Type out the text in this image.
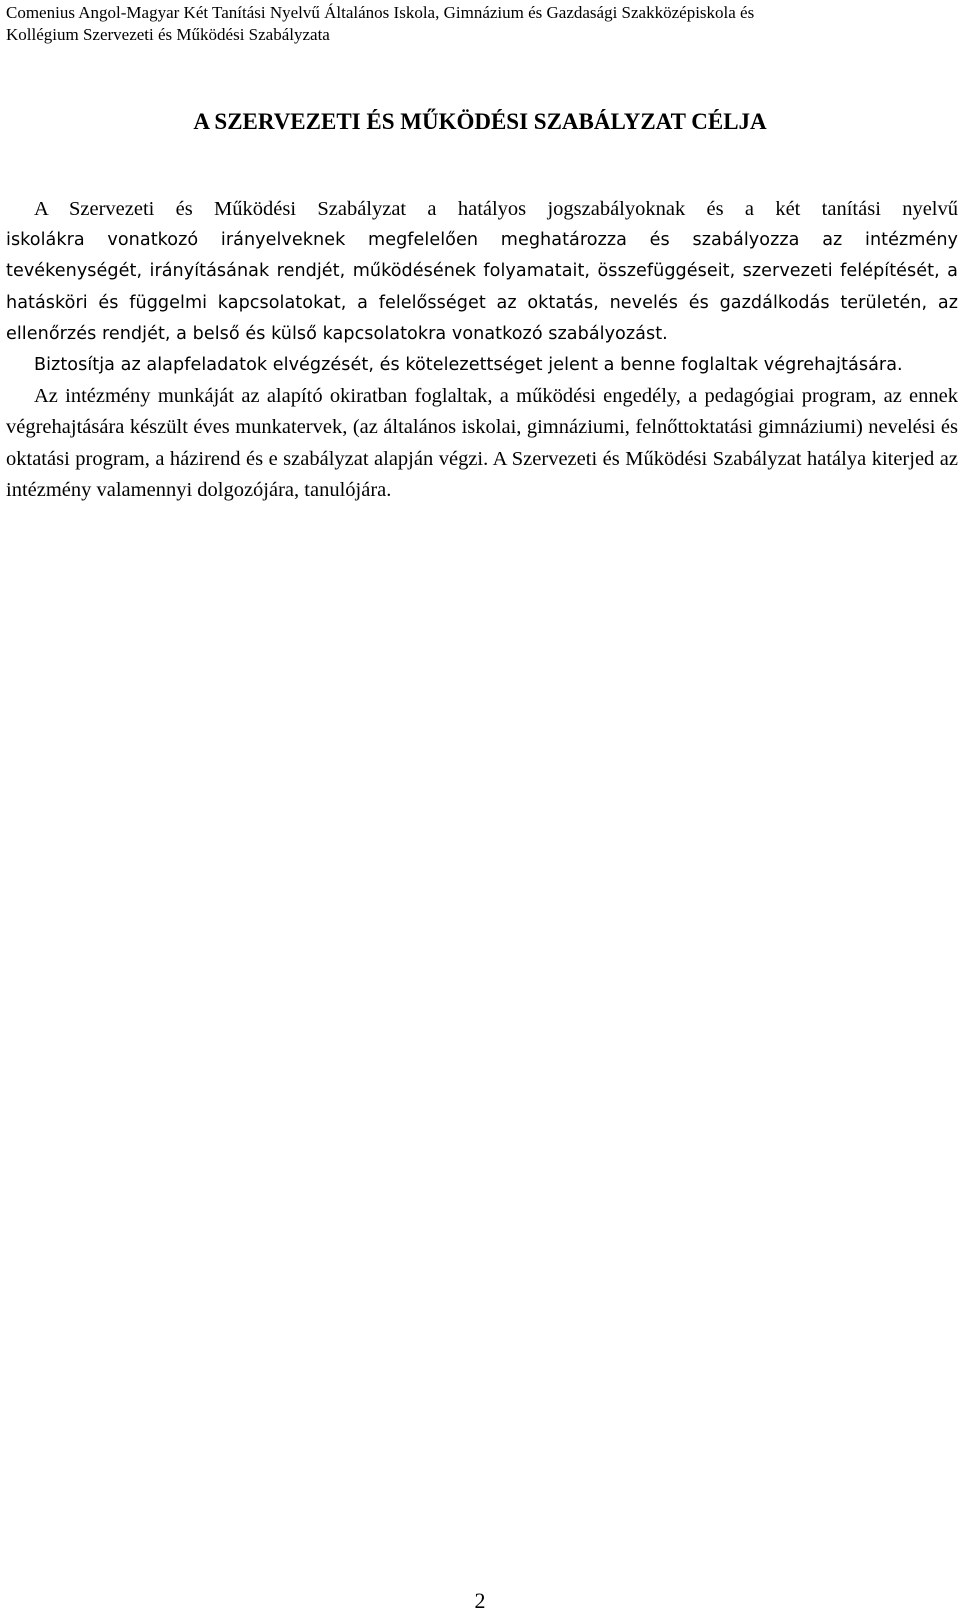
Comenius Angol-Magyar Két Tanítási Nyelvű Általános Iskola, Gimnázium és Gazdasági Szakközépiskola és
Kollégium Szervezeti és Működési Szabályzata
A SZERVEZETI ÉS MŰKÖDÉSI SZABÁLYZAT CÉLJA

A Szervezeti és Működési Szabályzat a hatályos jogszabályoknak és a két tanítási nyelvű

iskolákra vonatkozó irányelveknek megfelelően meghatározza és szabályozza az intézmény tevékenységét, irányításának rendjét, működésének folyamatait, összefüggéseit, szervezeti felépítését, a hatásköri és függelmi kapcsolatokat, a felelősséget az oktatás, nevelés és gazdálkodás területén, az ellenőrzés rendjét, a belső és külső kapcsolatokra vonatkozó szabályozást.

Biztosítja az alapfeladatok elvégzését, és kötelezettséget jelent a benne foglaltak végrehajtására.

Az intézmény munkáját az alapító okiratban foglaltak, a működési engedély, a pedagógiai program, az ennek végrehajtására készült éves munkatervek, (az általános iskolai, gimnáziumi, felnőttoktatási gimnáziumi) nevelési és oktatási program, a házirend és e szabályzat alapján végzi. A Szervezeti és Működési Szabályzat hatálya kiterjed az intézmény valamennyi dolgozójára, tanulójára.

2
